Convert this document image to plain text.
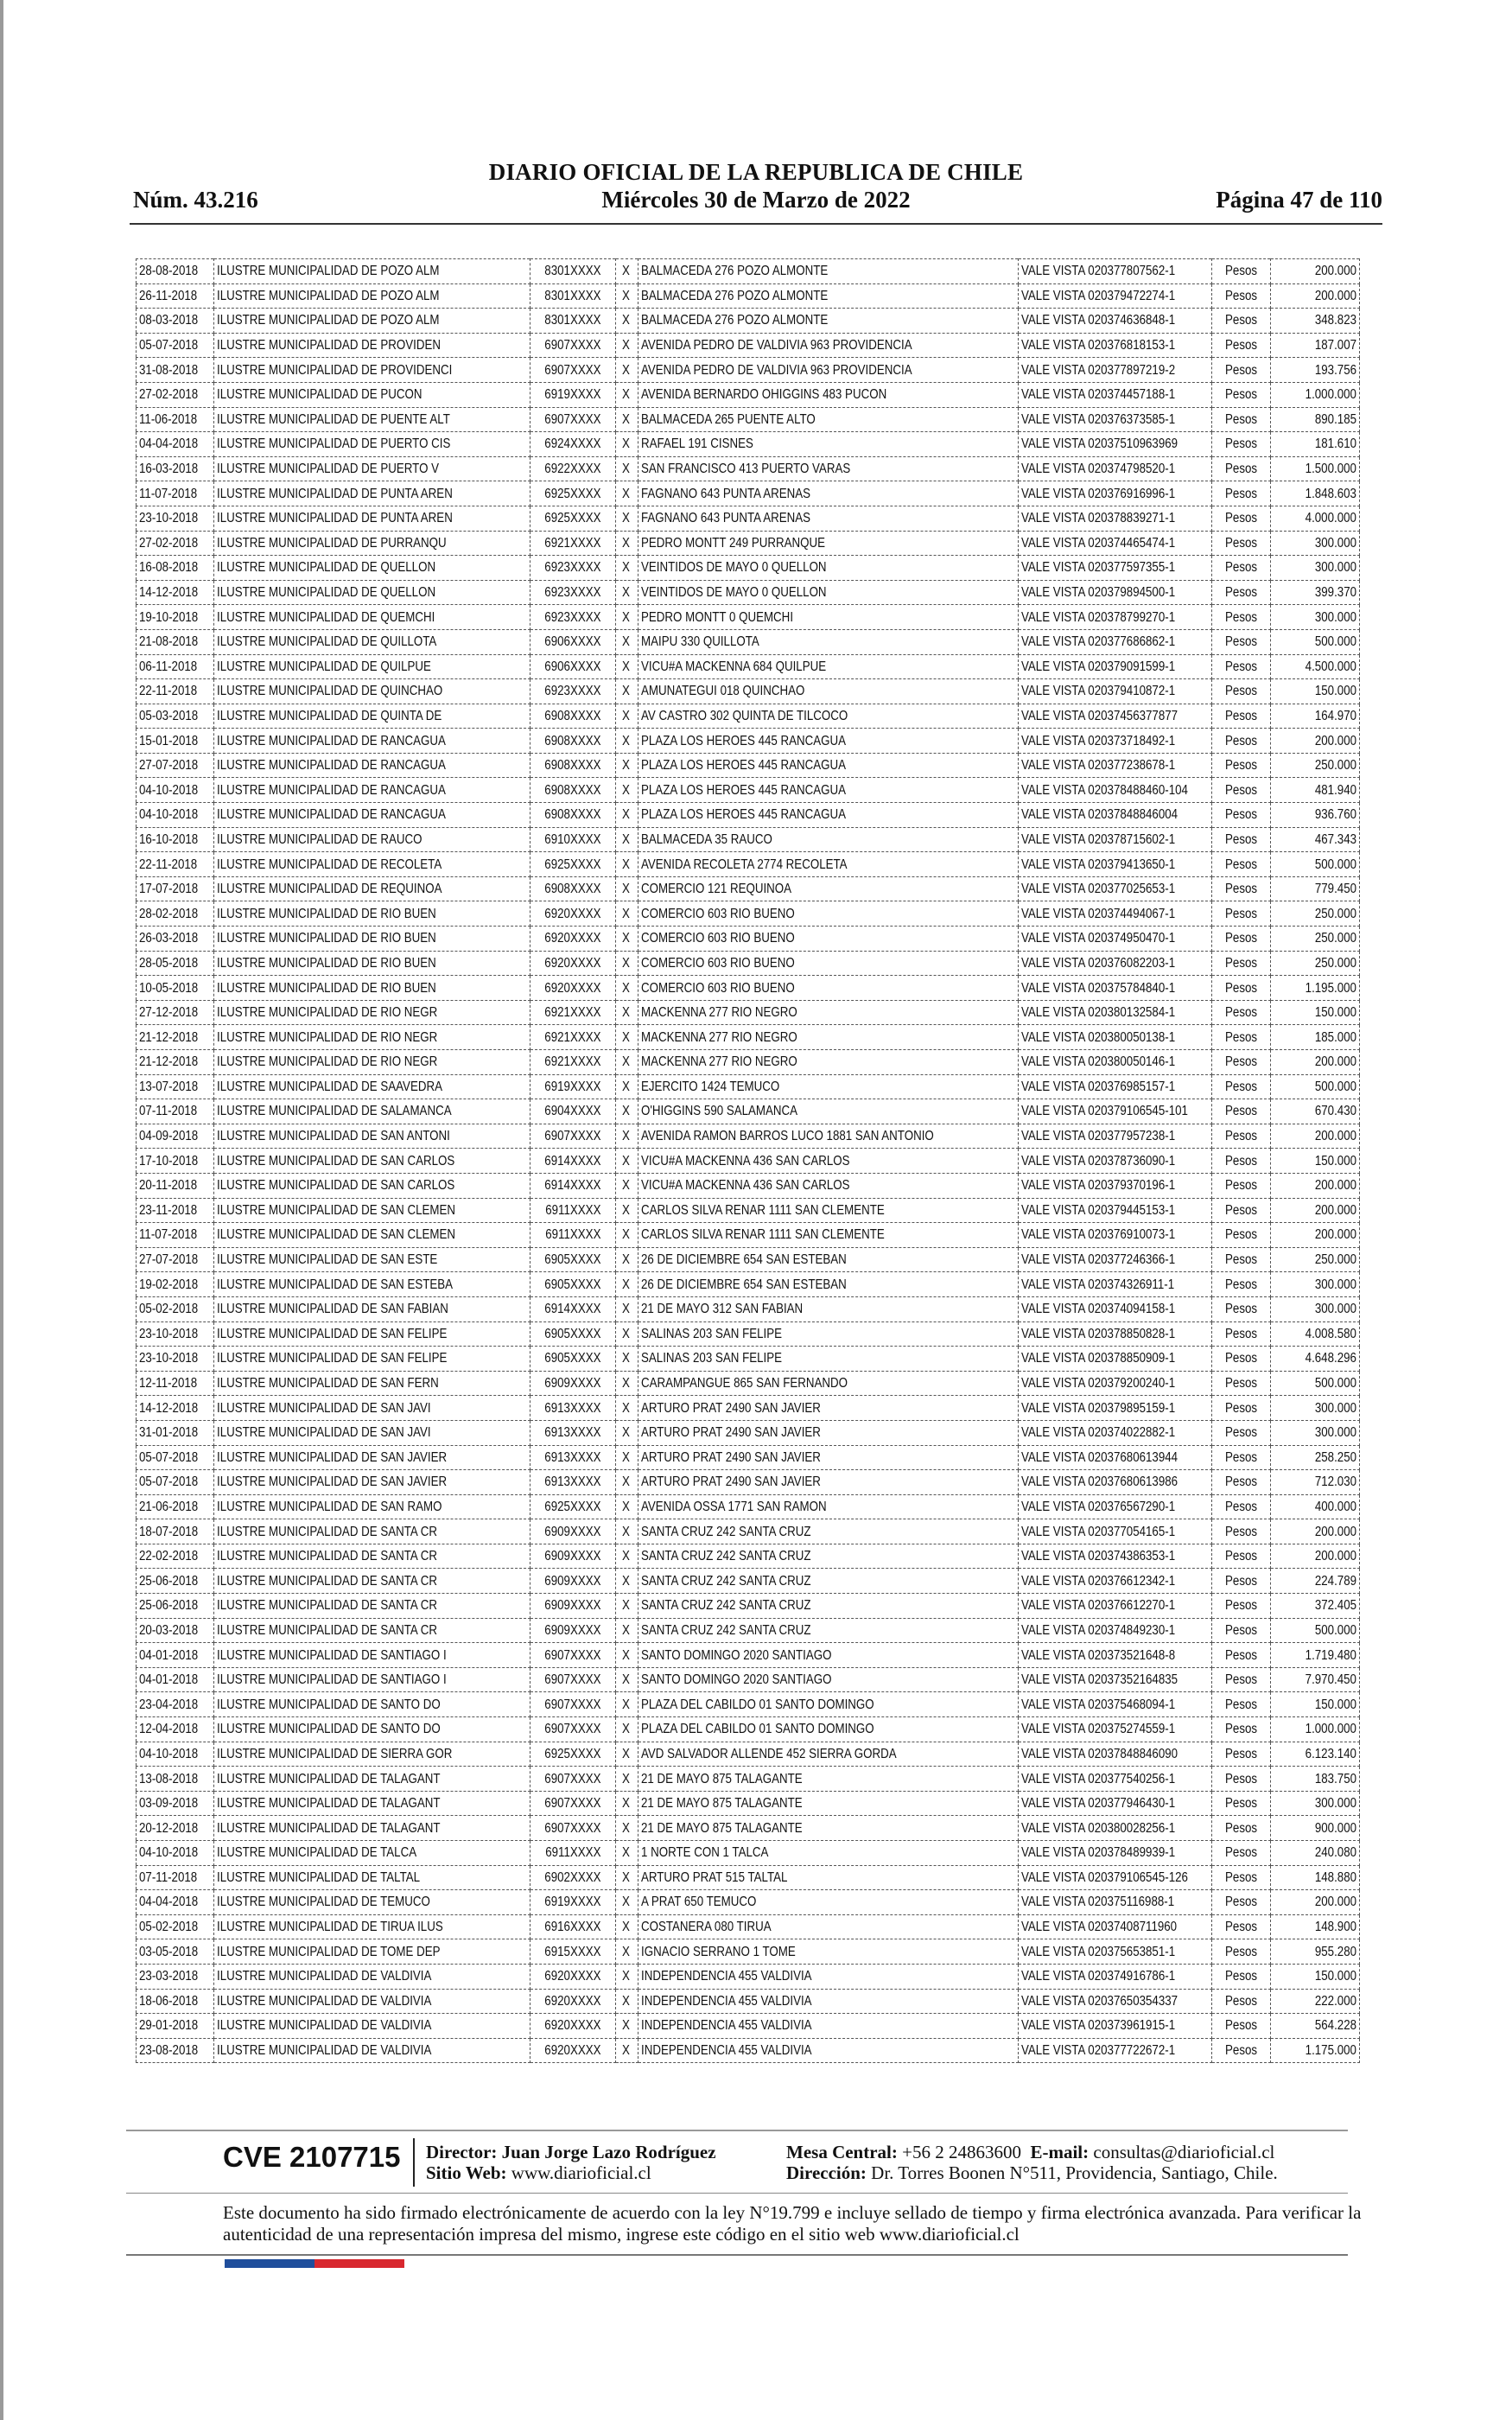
DIARIO OFICIAL DE LA REPUBLICA DE CHILE
Núm. 43.216	Miércoles 30 de Marzo de 2022	Página 47 de 110
28-08-2018	ILUSTRE MUNICIPALIDAD DE POZO ALM	8301XXXX	X	BALMACEDA 276 POZO ALMONTE	VALE VISTA 020377807562-1	Pesos	200.000
26-11-2018	ILUSTRE MUNICIPALIDAD DE POZO ALM	8301XXXX	X	BALMACEDA 276 POZO ALMONTE	VALE VISTA 020379472274-1	Pesos	200.000
08-03-2018	ILUSTRE MUNICIPALIDAD DE POZO ALM	8301XXXX	X	BALMACEDA 276 POZO ALMONTE	VALE VISTA 020374636848-1	Pesos	348.823
05-07-2018	ILUSTRE MUNICIPALIDAD DE PROVIDEN	6907XXXX	X	AVENIDA PEDRO DE VALDIVIA 963 PROVIDENCIA	VALE VISTA 020376818153-1	Pesos	187.007
31-08-2018	ILUSTRE MUNICIPALIDAD DE PROVIDENCI	6907XXXX	X	AVENIDA PEDRO DE VALDIVIA 963 PROVIDENCIA	VALE VISTA 020377897219-2	Pesos	193.756
27-02-2018	ILUSTRE MUNICIPALIDAD DE PUCON	6919XXXX	X	AVENIDA BERNARDO OHIGGINS 483 PUCON	VALE VISTA 020374457188-1	Pesos	1.000.000
11-06-2018	ILUSTRE MUNICIPALIDAD DE PUENTE ALT	6907XXXX	X	BALMACEDA 265 PUENTE ALTO	VALE VISTA 020376373585-1	Pesos	890.185
04-04-2018	ILUSTRE MUNICIPALIDAD DE PUERTO CIS	6924XXXX	X	RAFAEL 191 CISNES	VALE VISTA 02037510963969	Pesos	181.610
16-03-2018	ILUSTRE MUNICIPALIDAD DE PUERTO V	6922XXXX	X	SAN FRANCISCO 413 PUERTO VARAS	VALE VISTA 020374798520-1	Pesos	1.500.000
11-07-2018	ILUSTRE MUNICIPALIDAD DE PUNTA AREN	6925XXXX	X	FAGNANO 643 PUNTA ARENAS	VALE VISTA 020376916996-1	Pesos	1.848.603
23-10-2018	ILUSTRE MUNICIPALIDAD DE PUNTA AREN	6925XXXX	X	FAGNANO 643 PUNTA ARENAS	VALE VISTA 020378839271-1	Pesos	4.000.000
27-02-2018	ILUSTRE MUNICIPALIDAD DE PURRANQU	6921XXXX	X	PEDRO MONTT 249 PURRANQUE	VALE VISTA 020374465474-1	Pesos	300.000
16-08-2018	ILUSTRE MUNICIPALIDAD DE QUELLON	6923XXXX	X	VEINTIDOS DE MAYO 0 QUELLON	VALE VISTA 020377597355-1	Pesos	300.000
14-12-2018	ILUSTRE MUNICIPALIDAD DE QUELLON	6923XXXX	X	VEINTIDOS DE MAYO 0 QUELLON	VALE VISTA 020379894500-1	Pesos	399.370
19-10-2018	ILUSTRE MUNICIPALIDAD DE QUEMCHI	6923XXXX	X	PEDRO MONTT 0 QUEMCHI	VALE VISTA 020378799270-1	Pesos	300.000
21-08-2018	ILUSTRE MUNICIPALIDAD DE QUILLOTA	6906XXXX	X	MAIPU 330 QUILLOTA	VALE VISTA 020377686862-1	Pesos	500.000
06-11-2018	ILUSTRE MUNICIPALIDAD DE QUILPUE	6906XXXX	X	VICU#A MACKENNA 684 QUILPUE	VALE VISTA 020379091599-1	Pesos	4.500.000
22-11-2018	ILUSTRE MUNICIPALIDAD DE QUINCHAO	6923XXXX	X	AMUNATEGUI 018 QUINCHAO	VALE VISTA 020379410872-1	Pesos	150.000
05-03-2018	ILUSTRE MUNICIPALIDAD DE QUINTA DE	6908XXXX	X	AV CASTRO 302 QUINTA DE TILCOCO	VALE VISTA 02037456377877	Pesos	164.970
15-01-2018	ILUSTRE MUNICIPALIDAD DE RANCAGUA	6908XXXX	X	PLAZA LOS HEROES 445 RANCAGUA	VALE VISTA 020373718492-1	Pesos	200.000
27-07-2018	ILUSTRE MUNICIPALIDAD DE RANCAGUA	6908XXXX	X	PLAZA LOS HEROES 445 RANCAGUA	VALE VISTA 020377238678-1	Pesos	250.000
04-10-2018	ILUSTRE MUNICIPALIDAD DE RANCAGUA	6908XXXX	X	PLAZA LOS HEROES 445 RANCAGUA	VALE VISTA 020378488460-104	Pesos	481.940
04-10-2018	ILUSTRE MUNICIPALIDAD DE RANCAGUA	6908XXXX	X	PLAZA LOS HEROES 445 RANCAGUA	VALE VISTA 02037848846004	Pesos	936.760
16-10-2018	ILUSTRE MUNICIPALIDAD DE RAUCO	6910XXXX	X	BALMACEDA 35 RAUCO	VALE VISTA 020378715602-1	Pesos	467.343
22-11-2018	ILUSTRE MUNICIPALIDAD DE RECOLETA	6925XXXX	X	AVENIDA RECOLETA 2774 RECOLETA	VALE VISTA 020379413650-1	Pesos	500.000
17-07-2018	ILUSTRE MUNICIPALIDAD DE REQUINOA	6908XXXX	X	COMERCIO 121 REQUINOA	VALE VISTA 020377025653-1	Pesos	779.450
28-02-2018	ILUSTRE MUNICIPALIDAD DE RIO BUEN	6920XXXX	X	COMERCIO 603 RIO BUENO	VALE VISTA 020374494067-1	Pesos	250.000
26-03-2018	ILUSTRE MUNICIPALIDAD DE RIO BUEN	6920XXXX	X	COMERCIO 603 RIO BUENO	VALE VISTA 020374950470-1	Pesos	250.000
28-05-2018	ILUSTRE MUNICIPALIDAD DE RIO BUEN	6920XXXX	X	COMERCIO 603 RIO BUENO	VALE VISTA 020376082203-1	Pesos	250.000
10-05-2018	ILUSTRE MUNICIPALIDAD DE RIO BUEN	6920XXXX	X	COMERCIO 603 RIO BUENO	VALE VISTA 020375784840-1	Pesos	1.195.000
27-12-2018	ILUSTRE MUNICIPALIDAD DE RIO NEGR	6921XXXX	X	MACKENNA 277 RIO NEGRO	VALE VISTA 020380132584-1	Pesos	150.000
21-12-2018	ILUSTRE MUNICIPALIDAD DE RIO NEGR	6921XXXX	X	MACKENNA 277 RIO NEGRO	VALE VISTA 020380050138-1	Pesos	185.000
21-12-2018	ILUSTRE MUNICIPALIDAD DE RIO NEGR	6921XXXX	X	MACKENNA 277 RIO NEGRO	VALE VISTA 020380050146-1	Pesos	200.000
13-07-2018	ILUSTRE MUNICIPALIDAD DE SAAVEDRA	6919XXXX	X	EJERCITO 1424 TEMUCO	VALE VISTA 020376985157-1	Pesos	500.000
07-11-2018	ILUSTRE MUNICIPALIDAD DE SALAMANCA	6904XXXX	X	O'HIGGINS 590 SALAMANCA	VALE VISTA 020379106545-101	Pesos	670.430
04-09-2018	ILUSTRE MUNICIPALIDAD DE SAN ANTONI	6907XXXX	X	AVENIDA RAMON BARROS LUCO 1881 SAN ANTONIO	VALE VISTA 020377957238-1	Pesos	200.000
17-10-2018	ILUSTRE MUNICIPALIDAD DE SAN CARLOS	6914XXXX	X	VICU#A MACKENNA 436 SAN CARLOS	VALE VISTA 020378736090-1	Pesos	150.000
20-11-2018	ILUSTRE MUNICIPALIDAD DE SAN CARLOS	6914XXXX	X	VICU#A MACKENNA 436 SAN CARLOS	VALE VISTA 020379370196-1	Pesos	200.000
23-11-2018	ILUSTRE MUNICIPALIDAD DE SAN CLEMEN	6911XXXX	X	CARLOS SILVA RENAR 1111 SAN CLEMENTE	VALE VISTA 020379445153-1	Pesos	200.000
11-07-2018	ILUSTRE MUNICIPALIDAD DE SAN CLEMEN	6911XXXX	X	CARLOS SILVA RENAR 1111 SAN CLEMENTE	VALE VISTA 020376910073-1	Pesos	200.000
27-07-2018	ILUSTRE MUNICIPALIDAD DE SAN ESTE	6905XXXX	X	26 DE DICIEMBRE 654 SAN ESTEBAN	VALE VISTA 020377246366-1	Pesos	250.000
19-02-2018	ILUSTRE MUNICIPALIDAD DE SAN ESTEBA	6905XXXX	X	26 DE DICIEMBRE 654 SAN ESTEBAN	VALE VISTA 020374326911-1	Pesos	300.000
05-02-2018	ILUSTRE MUNICIPALIDAD DE SAN FABIAN	6914XXXX	X	21 DE MAYO 312 SAN FABIAN	VALE VISTA 020374094158-1	Pesos	300.000
23-10-2018	ILUSTRE MUNICIPALIDAD DE SAN FELIPE	6905XXXX	X	SALINAS 203 SAN FELIPE	VALE VISTA 020378850828-1	Pesos	4.008.580
23-10-2018	ILUSTRE MUNICIPALIDAD DE SAN FELIPE	6905XXXX	X	SALINAS 203 SAN FELIPE	VALE VISTA 020378850909-1	Pesos	4.648.296
12-11-2018	ILUSTRE MUNICIPALIDAD DE SAN FERN	6909XXXX	X	CARAMPANGUE 865 SAN FERNANDO	VALE VISTA 020379200240-1	Pesos	500.000
14-12-2018	ILUSTRE MUNICIPALIDAD DE SAN JAVI	6913XXXX	X	ARTURO PRAT 2490 SAN JAVIER	VALE VISTA 020379895159-1	Pesos	300.000
31-01-2018	ILUSTRE MUNICIPALIDAD DE SAN JAVI	6913XXXX	X	ARTURO PRAT 2490 SAN JAVIER	VALE VISTA 020374022882-1	Pesos	300.000
05-07-2018	ILUSTRE MUNICIPALIDAD DE SAN JAVIER	6913XXXX	X	ARTURO PRAT 2490 SAN JAVIER	VALE VISTA 02037680613944	Pesos	258.250
05-07-2018	ILUSTRE MUNICIPALIDAD DE SAN JAVIER	6913XXXX	X	ARTURO PRAT 2490 SAN JAVIER	VALE VISTA 02037680613986	Pesos	712.030
21-06-2018	ILUSTRE MUNICIPALIDAD DE SAN RAMO	6925XXXX	X	AVENIDA OSSA 1771 SAN RAMON	VALE VISTA 020376567290-1	Pesos	400.000
18-07-2018	ILUSTRE MUNICIPALIDAD DE SANTA CR	6909XXXX	X	SANTA CRUZ 242 SANTA CRUZ	VALE VISTA 020377054165-1	Pesos	200.000
22-02-2018	ILUSTRE MUNICIPALIDAD DE SANTA CR	6909XXXX	X	SANTA CRUZ 242 SANTA CRUZ	VALE VISTA 020374386353-1	Pesos	200.000
25-06-2018	ILUSTRE MUNICIPALIDAD DE SANTA CR	6909XXXX	X	SANTA CRUZ 242 SANTA CRUZ	VALE VISTA 020376612342-1	Pesos	224.789
25-06-2018	ILUSTRE MUNICIPALIDAD DE SANTA CR	6909XXXX	X	SANTA CRUZ 242 SANTA CRUZ	VALE VISTA 020376612270-1	Pesos	372.405
20-03-2018	ILUSTRE MUNICIPALIDAD DE SANTA CR	6909XXXX	X	SANTA CRUZ 242 SANTA CRUZ	VALE VISTA 020374849230-1	Pesos	500.000
04-01-2018	ILUSTRE MUNICIPALIDAD DE SANTIAGO I	6907XXXX	X	SANTO DOMINGO 2020 SANTIAGO	VALE VISTA 020373521648-8	Pesos	1.719.480
04-01-2018	ILUSTRE MUNICIPALIDAD DE SANTIAGO I	6907XXXX	X	SANTO DOMINGO 2020 SANTIAGO	VALE VISTA 02037352164835	Pesos	7.970.450
23-04-2018	ILUSTRE MUNICIPALIDAD DE SANTO DO	6907XXXX	X	PLAZA DEL CABILDO 01 SANTO DOMINGO	VALE VISTA 020375468094-1	Pesos	150.000
12-04-2018	ILUSTRE MUNICIPALIDAD DE SANTO DO	6907XXXX	X	PLAZA DEL CABILDO 01 SANTO DOMINGO	VALE VISTA 020375274559-1	Pesos	1.000.000
04-10-2018	ILUSTRE MUNICIPALIDAD DE SIERRA GOR	6925XXXX	X	AVD SALVADOR ALLENDE 452 SIERRA GORDA	VALE VISTA 02037848846090	Pesos	6.123.140
13-08-2018	ILUSTRE MUNICIPALIDAD DE TALAGANT	6907XXXX	X	21 DE MAYO 875 TALAGANTE	VALE VISTA 020377540256-1	Pesos	183.750
03-09-2018	ILUSTRE MUNICIPALIDAD DE TALAGANT	6907XXXX	X	21 DE MAYO 875 TALAGANTE	VALE VISTA 020377946430-1	Pesos	300.000
20-12-2018	ILUSTRE MUNICIPALIDAD DE TALAGANT	6907XXXX	X	21 DE MAYO 875 TALAGANTE	VALE VISTA 020380028256-1	Pesos	900.000
04-10-2018	ILUSTRE MUNICIPALIDAD DE TALCA	6911XXXX	X	1 NORTE CON 1 TALCA	VALE VISTA 020378489939-1	Pesos	240.080
07-11-2018	ILUSTRE MUNICIPALIDAD DE TALTAL	6902XXXX	X	ARTURO PRAT 515 TALTAL	VALE VISTA 020379106545-126	Pesos	148.880
04-04-2018	ILUSTRE MUNICIPALIDAD DE TEMUCO	6919XXXX	X	A PRAT 650 TEMUCO	VALE VISTA 020375116988-1	Pesos	200.000
05-02-2018	ILUSTRE MUNICIPALIDAD DE TIRUA ILUS	6916XXXX	X	COSTANERA 080 TIRUA	VALE VISTA 02037408711960	Pesos	148.900
03-05-2018	ILUSTRE MUNICIPALIDAD DE TOME DEP	6915XXXX	X	IGNACIO SERRANO 1 TOME	VALE VISTA 020375653851-1	Pesos	955.280
23-03-2018	ILUSTRE MUNICIPALIDAD DE VALDIVIA	6920XXXX	X	INDEPENDENCIA 455 VALDIVIA	VALE VISTA 020374916786-1	Pesos	150.000
18-06-2018	ILUSTRE MUNICIPALIDAD DE VALDIVIA	6920XXXX	X	INDEPENDENCIA 455 VALDIVIA	VALE VISTA 02037650354337	Pesos	222.000
29-01-2018	ILUSTRE MUNICIPALIDAD DE VALDIVIA	6920XXXX	X	INDEPENDENCIA 455 VALDIVIA	VALE VISTA 020373961915-1	Pesos	564.228
23-08-2018	ILUSTRE MUNICIPALIDAD DE VALDIVIA	6920XXXX	X	INDEPENDENCIA 455 VALDIVIA	VALE VISTA 020377722672-1	Pesos	1.175.000
CVE 2107715 Director: Juan Jorge Lazo Rodríguez
Sitio Web: www.diarioficial.cl
Mesa Central: +56 2 24863600 E-mail: consultas@diarioficial.cl
Dirección: Dr. Torres Boonen N°511, Providencia, Santiago, Chile.
Este documento ha sido firmado electrónicamente de acuerdo con la ley N°19.799 e incluye sellado de tiempo y firma electrónica avanzada. Para verificar la autenticidad de una representación impresa del mismo, ingrese este código en el sitio web www.diarioficial.cl
